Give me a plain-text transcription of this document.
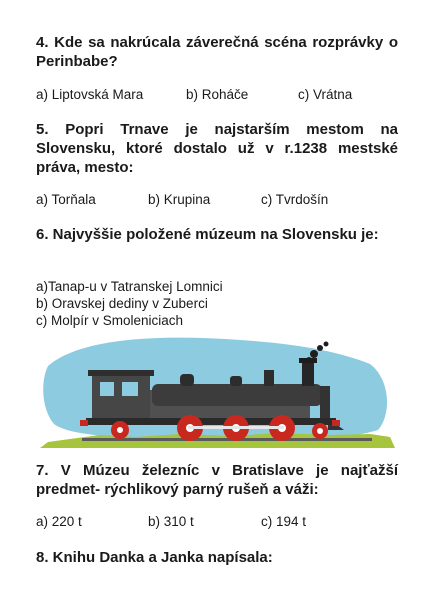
4. Kde sa nakrúcala záverečná scéna rozprávky o Perinbabe?
a) Liptovská Mara	b) Roháče	c) Vrátna
5. Popri Trnave je najstarším mestom na Slovensku, ktoré dostalo už v r.1238 mestské práva, mesto:
a) Torňala	b) Krupina	c) Tvrdošín
6. Najvyššie položené múzeum na Slovensku je:
a)Tanap-u v Tatranskej Lomnici
b) Oravskej dediny v Zuberci
c) Molpír v Smoleniciach
7. V Múzeu železníc v Bratislave je najťažší predmet- rýchlikový parný rušeň a váži:
a) 220 t	b) 310 t	c) 194 t
8. Knihu Danka a Janka napísala:
